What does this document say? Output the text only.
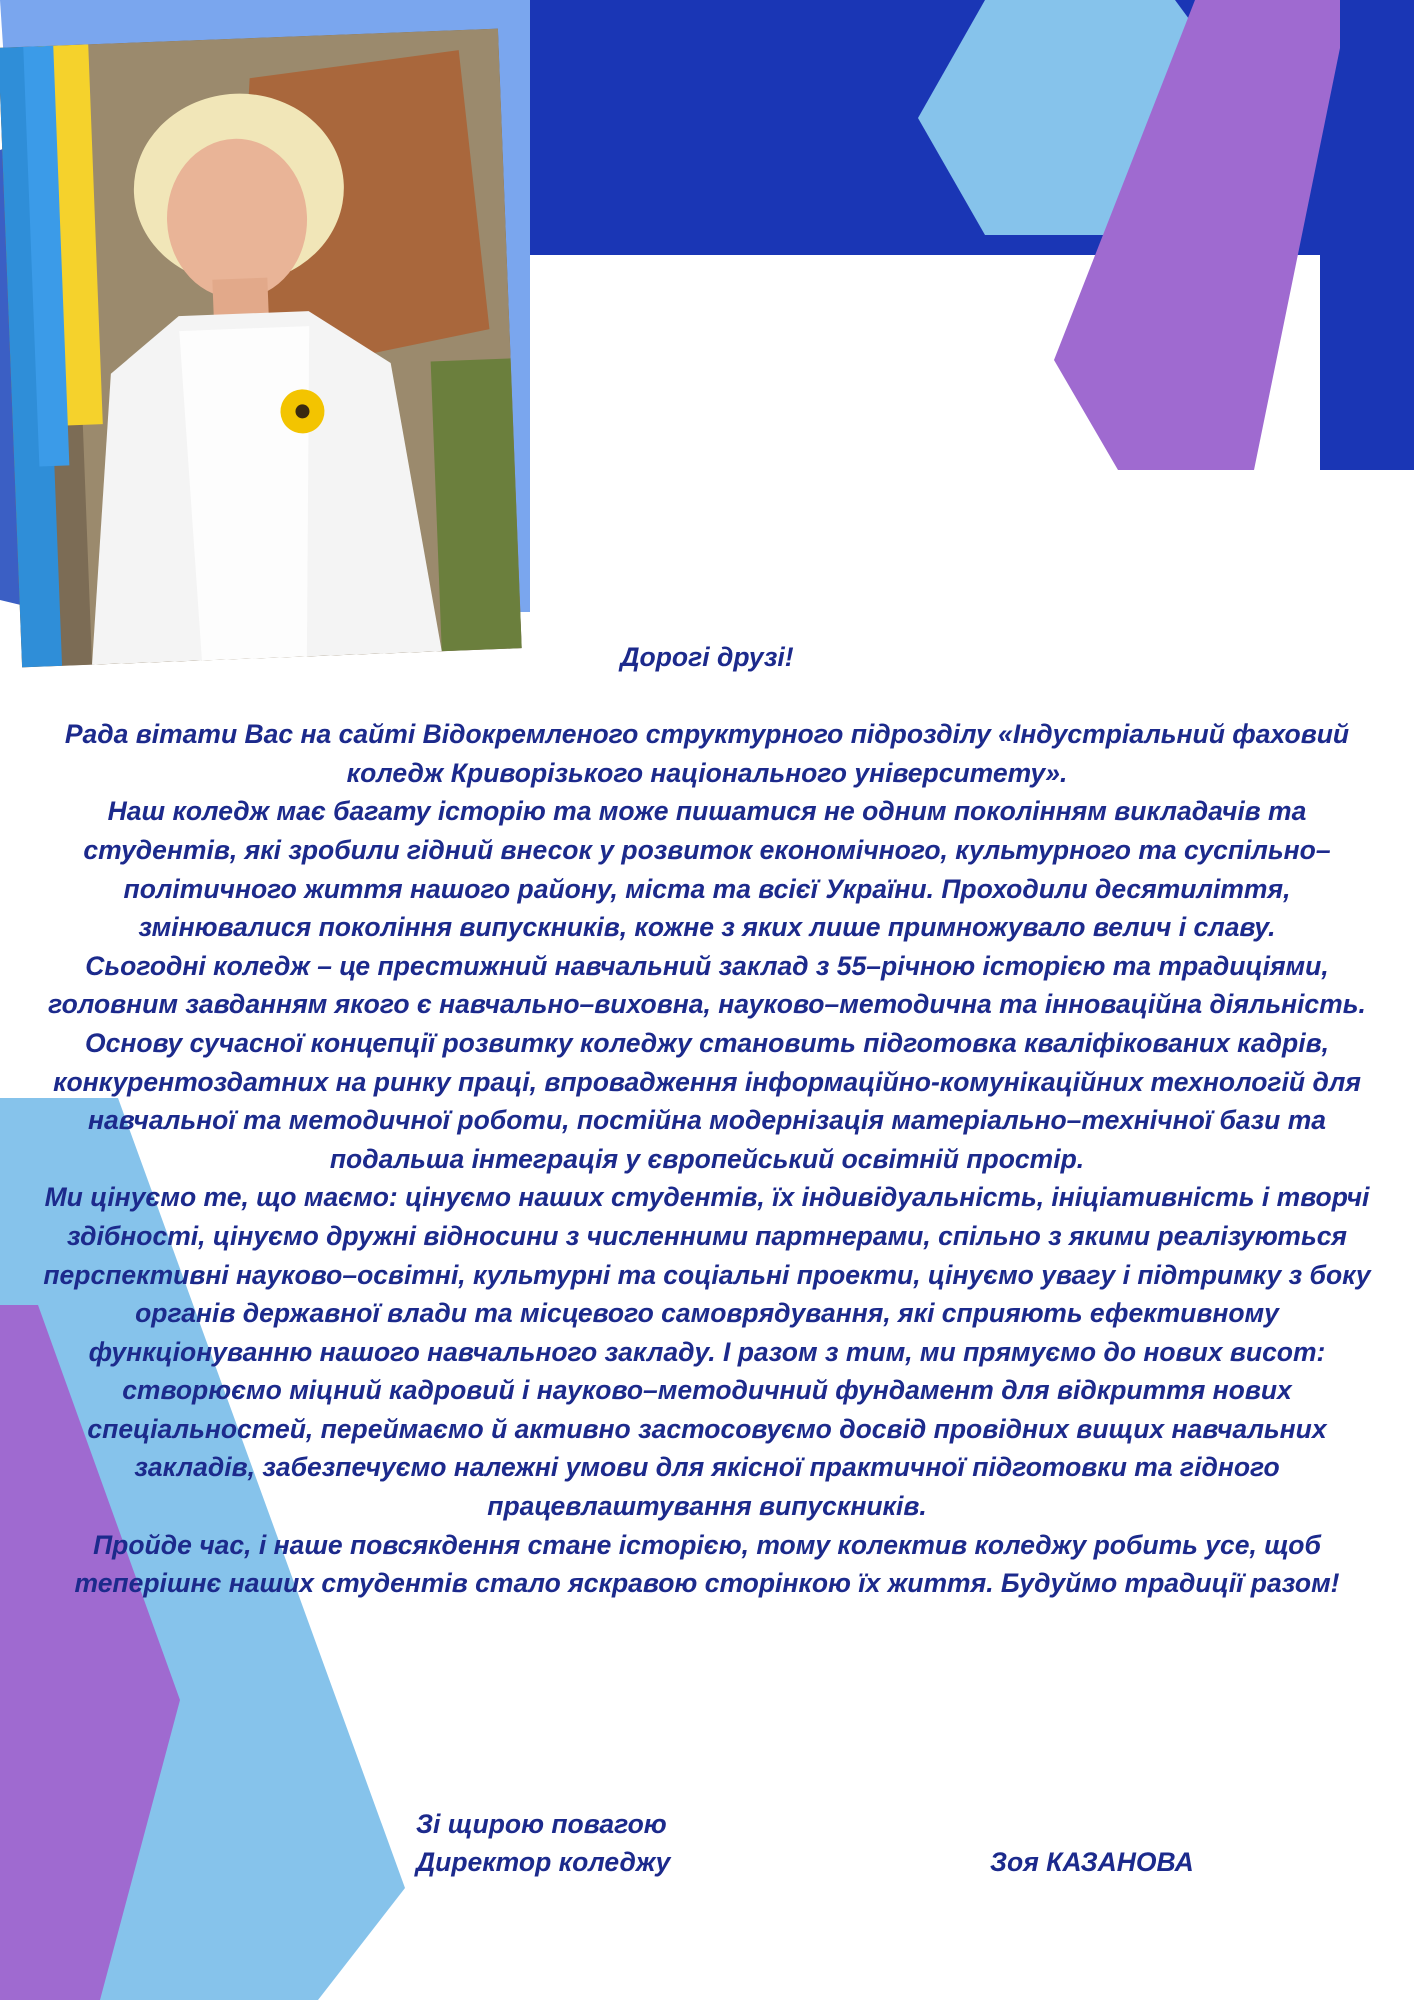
Дорогі друзі!

Рада вітати Вас на сайті Відокремленого структурного підрозділу «Індустріальний фаховий коледж Криворізького національного університету».

Наш коледж має багату історію та може пишатися не одним поколінням викладачів та студентів, які зробили гідний внесок у розвиток економічного, культурного та суспільно–політичного життя нашого району, міста та всієї України. Проходили десятиліття, змінювалися покоління випускників, кожне з яких лише примножувало велич і славу.

Сьогодні коледж – це престижний навчальний заклад з 55–річною історією та традиціями, головним завданням якого є навчально–виховна, науково–методична та інноваційна діяльність. Основу сучасної концепції розвитку коледжу становить підготовка кваліфікованих кадрів, конкурентоздатних на ринку праці, впровадження інформаційно-комунікаційних технологій для навчальної та методичної роботи, постійна модернізація матеріально–технічної бази та подальша інтеграція у європейський освітній простір.

Ми цінуємо те, що маємо: цінуємо наших студентів, їх індивідуальність, ініціативність і творчі здібності, цінуємо дружні відносини з численними партнерами, спільно з якими реалізуються перспективні науково–освітні, культурні та соціальні проекти, цінуємо увагу і підтримку з боку органів державної влади та місцевого самоврядування, які сприяють ефективному функціонуванню нашого навчального закладу. І разом з тим, ми прямуємо до нових висот: створюємо міцний кадровий і науково–методичний фундамент для відкриття нових спеціальностей, переймаємо й активно застосовуємо досвід провідних вищих навчальних закладів, забезпечуємо належні умови для якісної практичної підготовки та гідного працевлаштування випускників.

Пройде час, і наше повсякдення стане історією, тому колектив коледжу робить усе, щоб теперішнє наших студентів стало яскравою сторінкою їх життя. Будуймо традиції разом!

Зі щирою повагою
Директор коледжу	Зоя КАЗАНОВА
